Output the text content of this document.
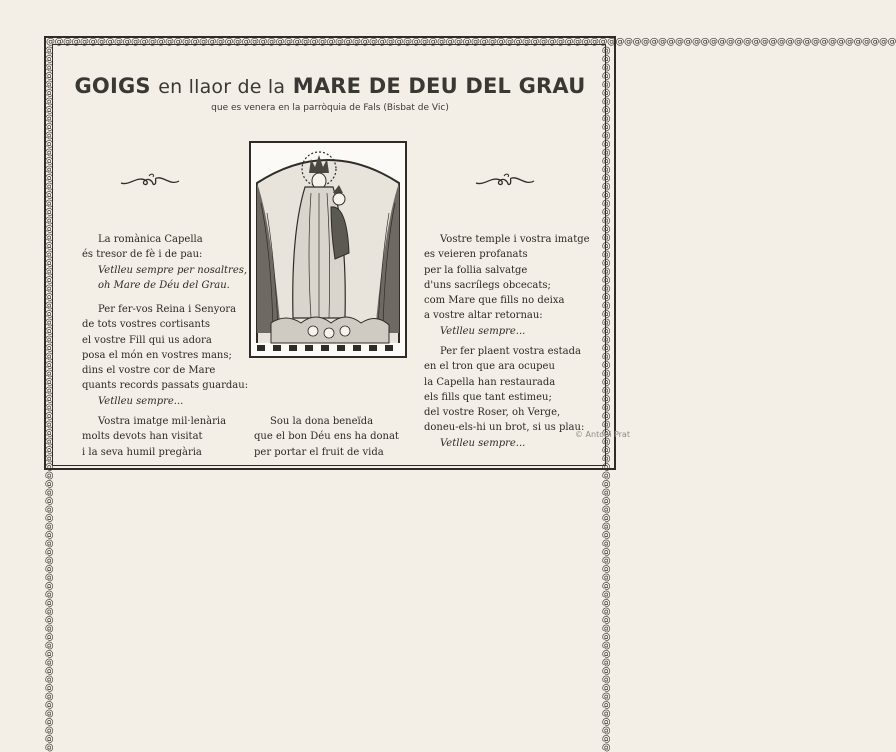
@@@@@@@@@@@@@@@@@@@@@@@@@@@@@@@@@@@@@@@@@@@@@@@@@@@@@@@@@@@@@@@@@@@@@@@@@@@@@@@@@@@@@@@@@@@@@@@@@@@@
@@@@@@@@@@@@@@@@@@@@@@@@@@@@@@@@@@@@@@@@@@@@@@@@@@@@@@@@@@@@@@@@@@@@@@@@@@@@@@@@@@@	@@@@@@@@@@@@@@@@@@@@@@@@@@@@@@@@@@@@@@@@@@@@@@@@@@@@@@@@@@@@@@@@@@@@@@@@@@@@@@@@@@@
GOIGS en llaor de la MARE DE DEU DEL GRAU

que es venera en la parròquia de Fals (Bisbat de Vic)

La romànica Capella

és tresor de fè i de pau:

Vetlleu sempre per nosaltres,

oh Mare de Déu del Grau.

Per fer-vos Reina i Senyora

de tots vostres cortisants

el vostre Fill qui us adora

posa el món en vostres mans;

dins el vostre cor de Mare

quants records passats guardau:

Vetlleu sempre...

Vostra imatge mil·lenària

molts devots han visitat

i la seva humil pregària

Sou la dona beneïda

que el bon Déu ens ha donat

per portar el fruit de vida

Vostre temple i vostra imatge

es veieren profanats

per la follia salvatge

d'uns sacrílegs obcecats;

com Mare que fills no deixa

a vostre altar retornau:

Vetlleu sempre...

Per fer plaent vostra estada

en el tron que ara ocupeu

la Capella han restaurada

els fills que tant estimeu;

del vostre Roser, oh Verge,

doneu-els-hi un brot, si us plau:

Vetlleu sempre...

© Antoni Prat
